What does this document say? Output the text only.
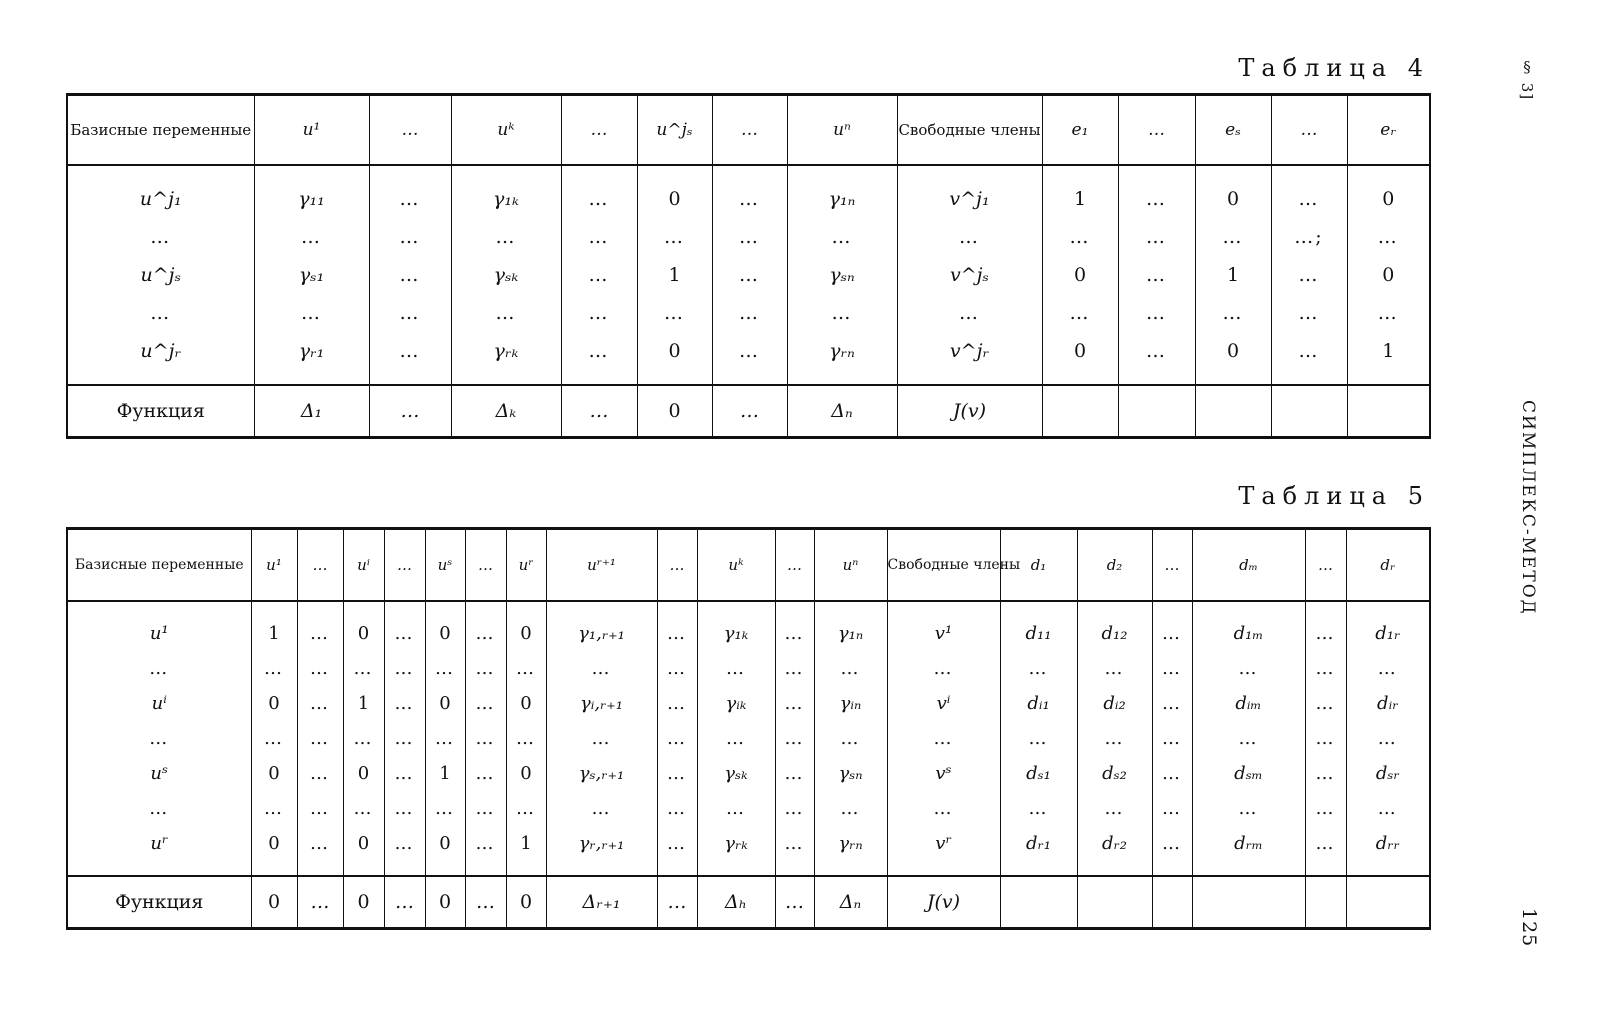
Таблица 4
Таблица 5
§ 3]
СИМПЛЕКС-МЕТОД
125
Базисные переменные	u¹	…	uᵏ	…	u^jₛ	…	uⁿ	Свободные члены	e₁	…	eₛ	…	eᵣ

u^j₁	γ₁₁	…	γ₁ₖ	…	0	…	γ₁ₙ	v^j₁	1	…	0	…	0
…	…	…	…	…	…	…	…	…	…	…	…	…;	…
u^jₛ	γₛ₁	…	γₛₖ	…	1	…	γₛₙ	v^jₛ	0	…	1	…	0
…	…	…	…	…	…	…	…	…	…	…	…	…	…
u^jᵣ	γᵣ₁	…	γᵣₖ	…	0	…	γᵣₙ	v^jᵣ	0	…	0	…	1

Функция	Δ₁	…	Δₖ	…	0	…	Δₙ	J(v)					
Базисные переменные	u¹	…	uⁱ	…	uˢ	…	uʳ	uʳ⁺¹	…	uᵏ	…	uⁿ	Свободные члены	d₁	d₂	…	dₘ	…	dᵣ

u¹	1	…	0	…	0	…	0	γ₁,ᵣ₊₁	…	γ₁ₖ	…	γ₁ₙ	v¹	d₁₁	d₁₂	…	d₁ₘ	…	d₁ᵣ
…	…	…	…	…	…	…	…	…	…	…	…	…	…	…	…	…	…	…	…
uⁱ	0	…	1	…	0	…	0	γᵢ,ᵣ₊₁	…	γᵢₖ	…	γᵢₙ	vⁱ	dᵢ₁	dᵢ₂	…	dᵢₘ	…	dᵢᵣ
…	…	…	…	…	…	…	…	…	…	…	…	…	…	…	…	…	…	…	…
uˢ	0	…	0	…	1	…	0	γₛ,ᵣ₊₁	…	γₛₖ	…	γₛₙ	vˢ	dₛ₁	dₛ₂	…	dₛₘ	…	dₛᵣ
…	…	…	…	…	…	…	…	…	…	…	…	…	…	…	…	…	…	…	…
uʳ	0	…	0	…	0	…	1	γᵣ,ᵣ₊₁	…	γᵣₖ	…	γᵣₙ	vʳ	dᵣ₁	dᵣ₂	…	dᵣₘ	…	dᵣᵣ

Функция	0	…	0	…	0	…	0	Δᵣ₊₁	…	Δₕ	…	Δₙ	J(v)						
